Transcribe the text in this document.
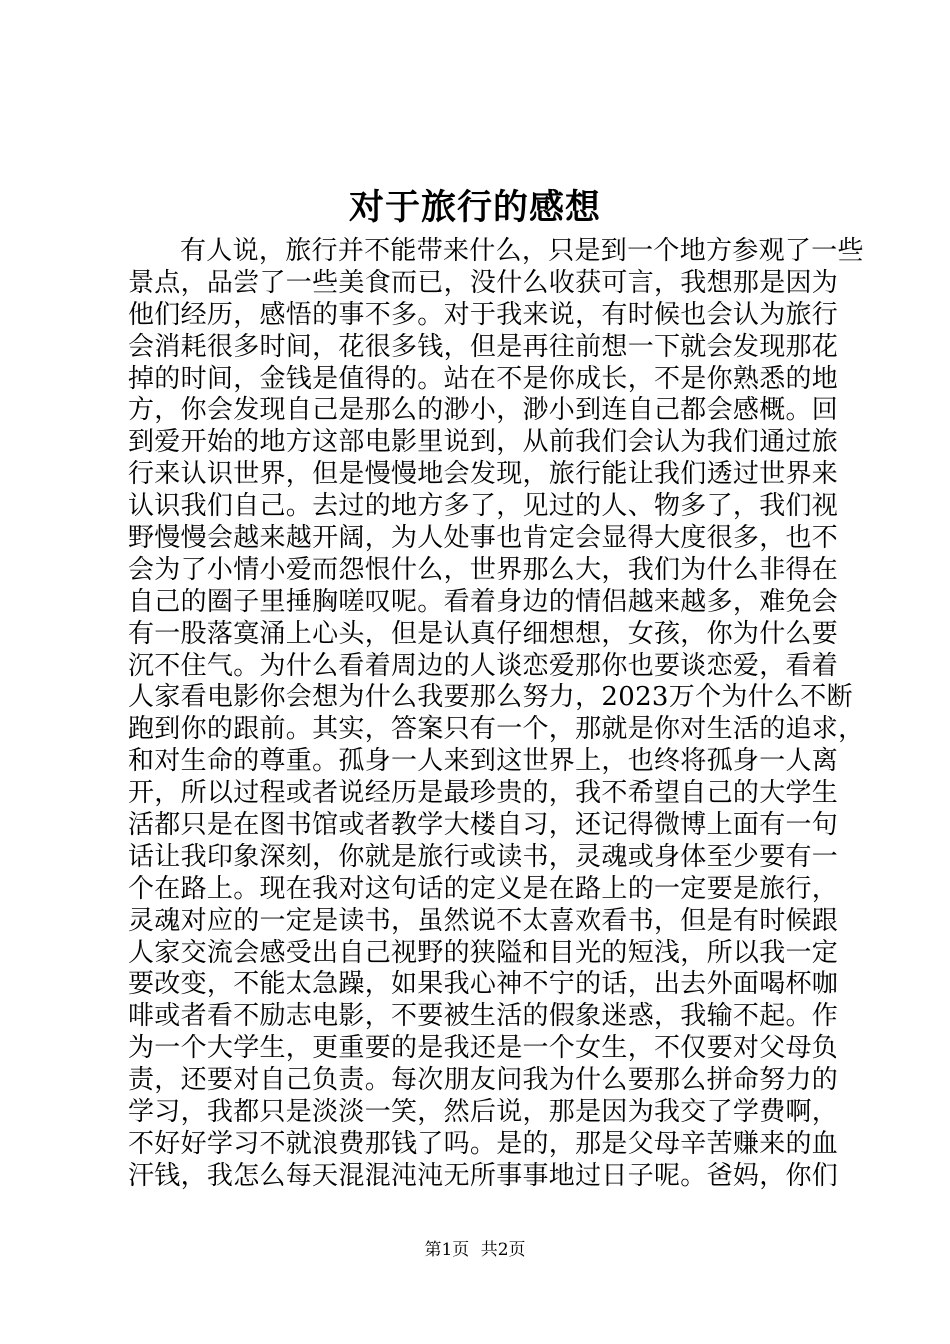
对于旅行的感想
有人说，旅行并不能带来什么，只是到一个地方参观了一些
景点，品尝了一些美食而已，没什么收获可言，我想那是因为
他们经历，感悟的事不多。对于我来说，有时候也会认为旅行
会消耗很多时间，花很多钱，但是再往前想一下就会发现那花
掉的时间，金钱是值得的。站在不是你成长，不是你熟悉的地
方，你会发现自己是那么的渺小，渺小到连自己都会感概。回
到爱开始的地方这部电影里说到，从前我们会认为我们通过旅
行来认识世界，但是慢慢地会发现，旅行能让我们透过世界来
认识我们自己。去过的地方多了，见过的人、物多了，我们视
野慢慢会越来越开阔，为人处事也肯定会显得大度很多，也不
会为了小情小爱而怨恨什么，世界那么大，我们为什么非得在
自己的圈子里捶胸嗟叹呢。看着身边的情侣越来越多，难免会
有一股落寞涌上心头，但是认真仔细想想，女孩，你为什么要
沉不住气。为什么看着周边的人谈恋爱那你也要谈恋爱，看着
人家看电影你会想为什么我要那么努力，2023万个为什么不断
跑到你的跟前。其实，答案只有一个，那就是你对生活的追求，
和对生命的尊重。孤身一人来到这世界上，也终将孤身一人离
开，所以过程或者说经历是最珍贵的，我不希望自己的大学生
活都只是在图书馆或者教学大楼自习，还记得微博上面有一句
话让我印象深刻，你就是旅行或读书，灵魂或身体至少要有一
个在路上。现在我对这句话的定义是在路上的一定要是旅行，
灵魂对应的一定是读书，虽然说不太喜欢看书，但是有时候跟
人家交流会感受出自己视野的狭隘和目光的短浅，所以我一定
要改变，不能太急躁，如果我心神不宁的话，出去外面喝杯咖
啡或者看不励志电影，不要被生活的假象迷惑，我输不起。作
为一个大学生，更重要的是我还是一个女生，不仅要对父母负
责，还要对自己负责。每次朋友问我为什么要那么拼命努力的
学习，我都只是淡淡一笑，然后说，那是因为我交了学费啊，
不好好学习不就浪费那钱了吗。是的，那是父母辛苦赚来的血
汗钱，我怎么每天混混沌沌无所事事地过日子呢。爸妈，你们
第1页 共2页
